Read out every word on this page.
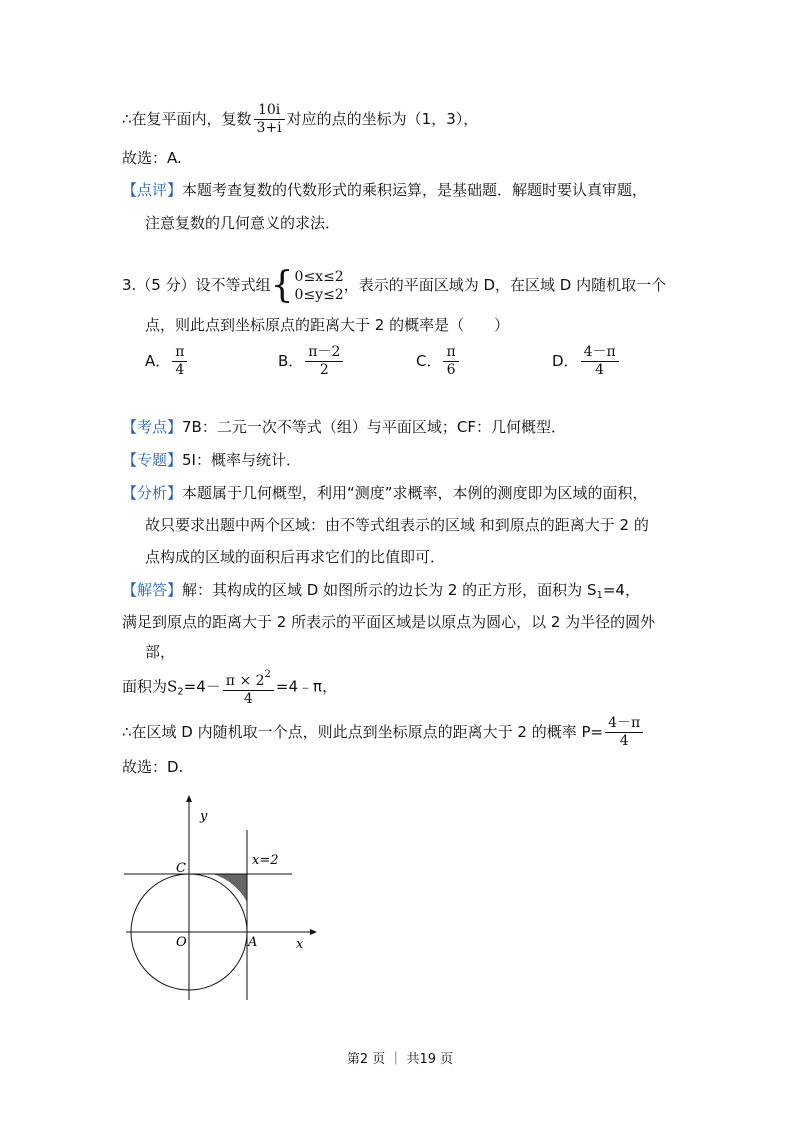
∴在复平面内，复数 $\frac{10i}{3+i}$ 对应的点的坐标为（1，3），
故选：A.
【点评】本题考查复数的代数形式的乘积运算，是基础题．解题时要认真审题，
注意复数的几何意义的求法．
3.（5 分）设不等式组{ 0≤x≤2
0≤y≤2
，表示的平面区域为 D，在区域 D 内随机取一个
点，则此点到坐标原点的距离大于 2 的概率是（　　）
A． $\frac{\pi}{4}$	B． $\frac{\pi-2}{2}$	C． $\frac{\pi}{6}$	D． $\frac{4-\pi}{4}$
【考点】7B：二元一次不等式（组）与平面区域；CF：几何概型．
【专题】5I：概率与统计．
【分析】本题属于几何概型，利用“测度”求概率，本例的测度即为区域的面积，
故只要求出题中两个区域：由不等式组表示的区域 和到原点的距离大于 2 的
点构成的区域的面积后再求它们的比值即可．
【解答】解：其构成的区域 D 如图所示的边长为 2 的正方形，面积为 $S_1=4$，
满足到原点的距离大于 2 所表示的平面区域是以原点为圆心，以 2 为半径的圆外
部，
面积为$S_2=4- \frac{\pi \times 2^2}{4}$ =4﹣π，
∴在区域 D 内随机取一个点，则此点到坐标原点的距离大于 2 的概率 $P= \frac{4-\pi}{4}$
故选：D.
y
x
C
O	A
x=2
第2 页 ｜ 共19 页
